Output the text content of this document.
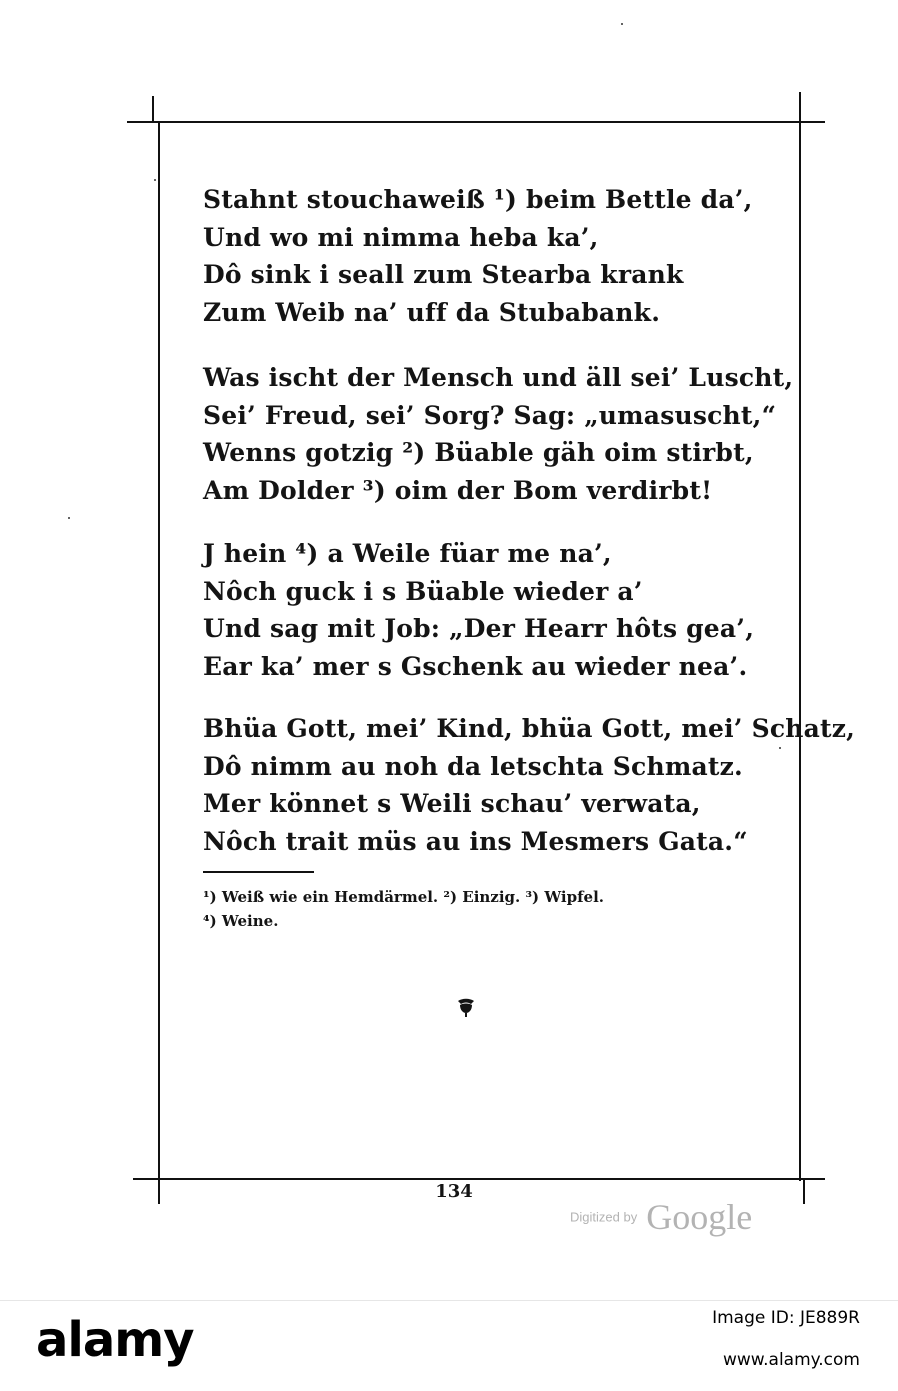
Stahnt stouchaweiß ¹) beim Bettle da’,
Und wo mi nimma heba ka’,
Dô sink i seall zum Stearba krank
Zum Weib na’ uff da Stubabank.
Was ischt der Mensch und äll sei’ Luscht,
Sei’ Freud, sei’ Sorg? Sag: „umasuscht,“
Wenns gotzig ²) Büable gäh oim stirbt,
Am Dolder ³) oim der Bom verdirbt!
J hein ⁴) a Weile füar me na’,
Nôch guck i s Büable wieder a’
Und sag mit Job: „Der Hearr hôts gea’,
Ear ka’ mer s Gschenk au wieder nea’.
Bhüa Gott, mei’ Kind, bhüa Gott, mei’ Schatz,
Dô nimm au noh da letschta Schmatz.
Mer könnet s Weili schau’ verwata,
Nôch trait müs au ins Mesmers Gata.“
¹) Weiß wie ein Hemdärmel. ²) Einzig. ³) Wipfel.
⁴) Weine.
134
Digitized by Google
alamy	Image ID: JE889R
www.alamy.com
